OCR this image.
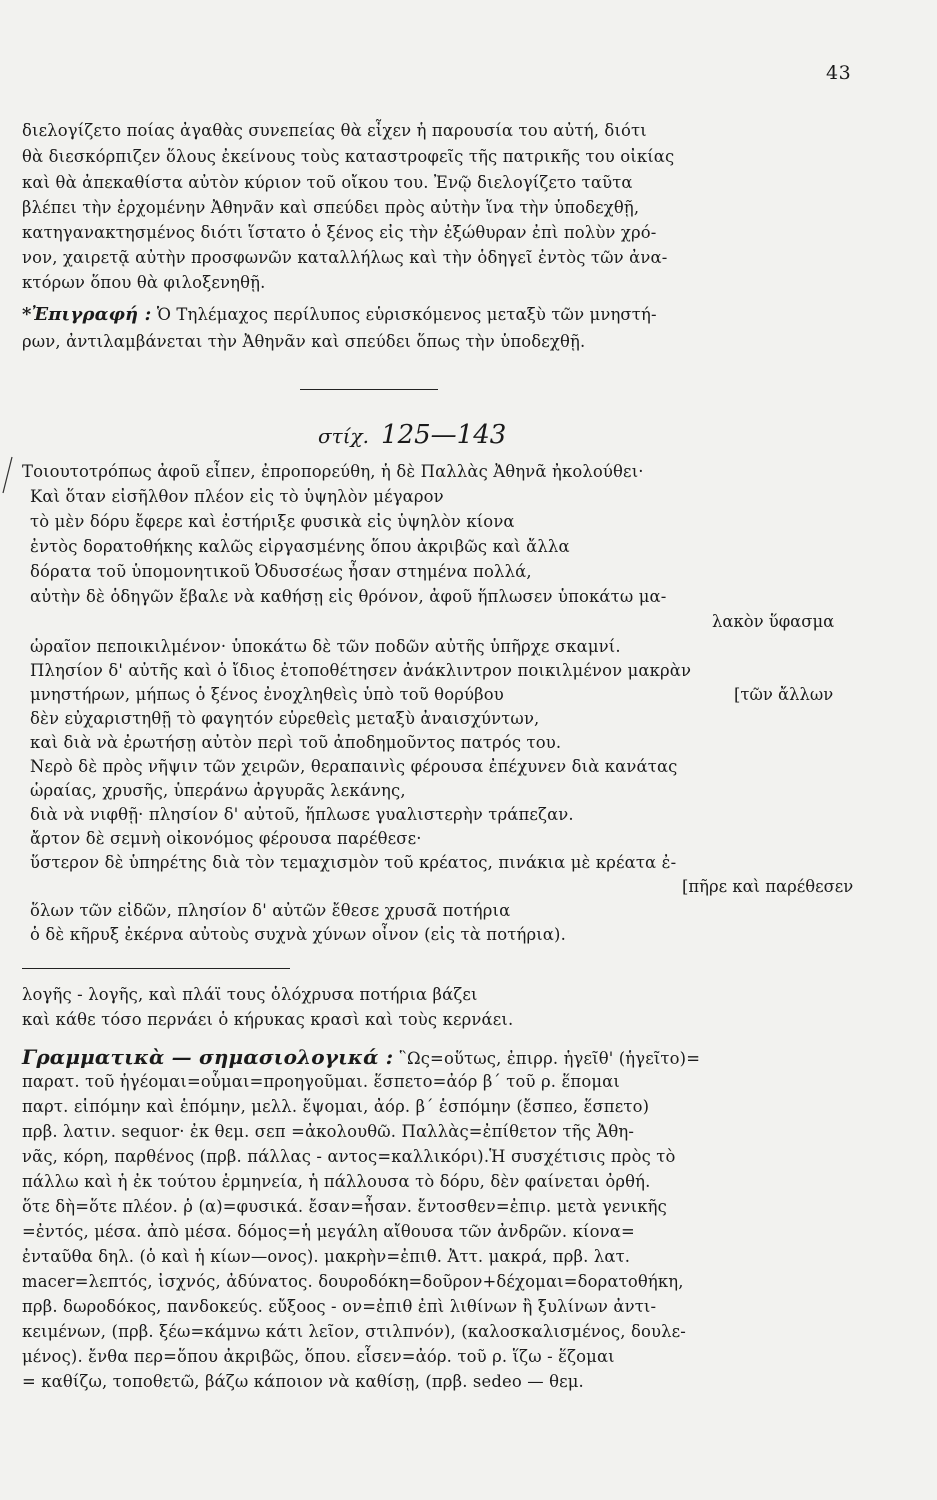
43
διελογίζετο ποίας ἀγαθὰς συνεπείας θὰ εἶχεν ἡ παρουσία του αὐτή, διότι
θὰ διεσκόρπιζεν ὅλους ἐκείνους τοὺς καταστροφεῖς τῆς πατρικῆς του οἰκίας
καὶ θὰ ἀπεκαθίστα αὐτὸν κύριον τοῦ οἴκου του. Ἐνῷ διελογίζετο ταῦτα
βλέπει τὴν ἐρχομένην Ἀθηνᾶν καὶ σπεύδει πρὸς αὐτὴν ἵνα τὴν ὑποδεχθῇ,
κατηγανακτησμένος διότι ἵστατο ὁ ξένος εἰς τὴν ἐξώθυραν ἐπὶ πολὺν χρό-
νον, χαιρετᾷ αὐτὴν προσφωνῶν καταλλήλως καὶ τὴν ὁδηγεῖ ἐντὸς τῶν ἀνα-
κτόρων ὅπου θὰ φιλοξενηθῇ.
*Ἐπιγραφή : Ὁ Τηλέμαχος περίλυπος εὑρισκόμενος μεταξὺ τῶν μνηστή-
ρων, ἀντιλαμβάνεται τὴν Ἀθηνᾶν καὶ σπεύδει ὅπως τὴν ὑποδεχθῇ.
στίχ. 125—143
Τοιουτοτρόπως ἀφοῦ εἶπεν, ἐπροπορεύθη, ἡ δὲ Παλλὰς Ἀθηνᾶ ἠκολούθει·
Καὶ ὅταν εἰσῆλθον πλέον εἰς τὸ ὑψηλὸν μέγαρον
τὸ μὲν δόρυ ἔφερε καὶ ἐστήριξε φυσικὰ εἰς ὑψηλὸν κίονα
ἐντὸς δορατοθήκης καλῶς εἰργασμένης ὅπου ἀκριβῶς καὶ ἄλλα
δόρατα τοῦ ὑπομονητικοῦ Ὀδυσσέως ἦσαν στημένα πολλά,
αὐτὴν δὲ ὁδηγῶν ἔβαλε νὰ καθήσῃ εἰς θρόνον, ἀφοῦ ἥπλωσεν ὑποκάτω μα-
λακὸν ὕφασμα
ὡραῖον πεποικιλμένον· ὑποκάτω δὲ τῶν ποδῶν αὐτῆς ὑπῆρχε σκαμνί.
Πλησίον δ' αὐτῆς καὶ ὁ ἴδιος ἐτοποθέτησεν ἀνάκλιντρον ποικιλμένον μακρὰν
μνηστήρων, μήπως ὁ ξένος ἐνοχληθεὶς ὑπὸ τοῦ θορύβου	[τῶν ἄλλων
δὲν εὐχαριστηθῇ τὸ φαγητόν εὑρεθεὶς μεταξὺ ἀναισχύντων,
καὶ διὰ νὰ ἐρωτήσῃ αὐτὸν περὶ τοῦ ἀποδημοῦντος πατρός του.
Νερὸ δὲ πρὸς νῆψιν τῶν χειρῶν, θεραπαινὶς φέρουσα ἐπέχυνεν διὰ κανάτας
ὡραίας, χρυσῆς, ὑπεράνω ἀργυρᾶς λεκάνης,
διὰ νὰ νιφθῇ· πλησίον δ' αὐτοῦ, ἥπλωσε γυαλιστερὴν τράπεζαν.
ἄρτον δὲ σεμνὴ οἰκονόμος φέρουσα παρέθεσε·
ὕστερον δὲ ὑπηρέτης διὰ τὸν τεμαχισμὸν τοῦ κρέατος, πινάκια μὲ κρέατα ἐ-
[πῆρε καὶ παρέθεσεν
ὅλων τῶν εἰδῶν, πλησίον δ' αὐτῶν ἔθεσε χρυσᾶ ποτήρια
ὁ δὲ κῆρυξ ἐκέρνα αὐτοὺς συχνὰ χύνων οἶνον (εἰς τὰ ποτήρια).
λογῆς - λογῆς, καὶ πλάϊ τους ὁλόχρυσα ποτήρια βάζει
καὶ κάθε τόσο περνάει ὁ κήρυκας κρασὶ καὶ τοὺς κερνάει.
Γραμματικὰ — σημασιολογικά : ῝Ως=οὕτως, ἐπιρρ. ἡγεῖθ' (ἡγεῖτο)=
παρατ. τοῦ ἡγέομαι=οὗμαι=προηγοῦμαι. ἕσπετο=ἀόρ β΄ τοῦ ρ. ἕπομαι
παρτ. εἱπόμην καὶ ἑπόμην, μελλ. ἕψομαι, ἀόρ. β΄ ἑσπόμην (ἔσπεο, ἕσπετο)
πρβ. λατιν. sequor· ἐκ θεμ. σεπ =ἀκολουθῶ. Παλλὰς=ἐπίθετον τῆς Ἀθη-
νᾶς, κόρη, παρθένος (πρβ. πάλλας - αντος=καλλικόρι).Ἡ συσχέτισις πρὸς τὸ
πάλλω καὶ ἡ ἐκ τούτου ἑρμηνεία, ἡ πάλλουσα τὸ δόρυ, δὲν φαίνεται ὀρθή.
ὅτε δὴ=ὅτε πλέον. ῥ (α)=φυσικά. ἔσαν=ἦσαν. ἔντοσθεν=ἐπιρ. μετὰ γενικῆς
=ἐντός, μέσα. ἀπὸ μέσα. δόμος=ἡ μεγάλη αἴθουσα τῶν ἀνδρῶν. κίονα=
ἐνταῦθα δηλ. (ὁ καὶ ἡ κίων—ονος). μακρὴν=ἐπιθ. Ἀττ. μακρά, πρβ. λατ.
macer=λεπτός, ἰσχνός, ἀδύνατος. δουροδόκη=δοῦρον+δέχομαι=δορατοθήκη,
πρβ. δωροδόκος, πανδοκεύς. εὔξοος - ον=ἐπιθ ἐπὶ λιθίνων ἢ ξυλίνων ἀντι-
κειμένων, (πρβ. ξέω=κάμνω κάτι λεῖον, στιλπνόν), (καλοσκαλισμένος, δουλε-
μένος). ἔνθα περ=ὅπου ἀκριβῶς, ὅπου. εἷσεν=ἀόρ. τοῦ ρ. ἵζω - ἕζομαι
= καθίζω, τοποθετῶ, βάζω κάποιον νὰ καθίσῃ, (πρβ. sedeo — θεμ.
